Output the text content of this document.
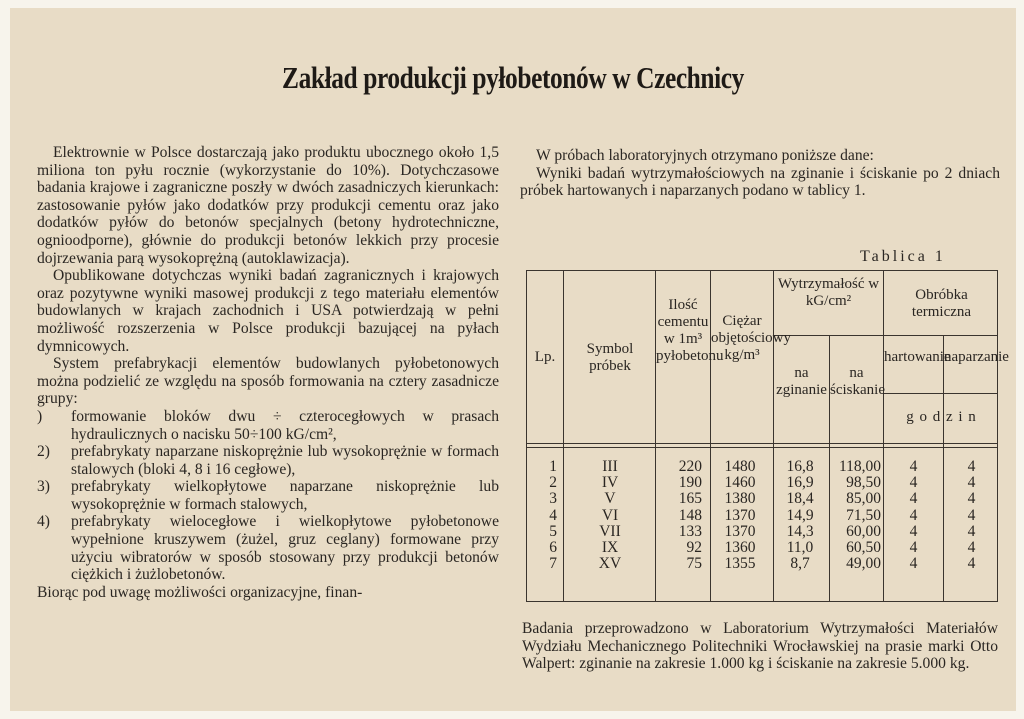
Zakład produkcji pyłobetonów w Czechnicy

Elektrownie w Polsce dostarczają jako produktu ubocznego około 1,5 miliona ton pyłu rocznie (wykorzystanie do 10%). Dotychczasowe badania krajowe i zagraniczne poszły w dwóch zasadniczych kierunkach: zastosowanie pyłów jako dodatków przy produkcji cementu oraz jako dodatków pyłów do betonów specjalnych (betony hydrotechniczne, ognioodporne), głównie do produkcji betonów lekkich przy procesie dojrzewania parą wysokoprężną (autoklawizacja).

Opublikowane dotychczas wyniki badań zagranicznych i krajowych oraz pozytywne wyniki masowej produkcji z tego materiału elementów budowlanych w krajach zachodnich i USA potwierdzają w pełni możliwość rozszerzenia w Polsce produkcji bazującej na pyłach dymnicowych.

System prefabrykacji elementów budowlanych pyłobetonowych można podzielić ze względu na sposób formowania na cztery zasadnicze grupy:

) formowanie bloków dwu ÷ czterocegłowych w prasach hydraulicznych o nacisku 50÷100 kG/cm²,
2) prefabrykaty naparzane niskoprężnie lub wysokoprężnie w formach stalowych (bloki 4, 8 i 16 cegłowe),
3) prefabrykaty wielkopłytowe naparzane niskoprężnie lub wysokoprężnie w formach stalowych,
4) prefabrykaty wielocegłowe i wielkopłytowe pyłobetonowe wypełnione kruszywem (żużel, gruz ceglany) formowane przy użyciu wibratorów w sposób stosowany przy produkcji betonów ciężkich i żużlobetonów.

Biorąc pod uwagę możliwości organizacyjne, finan-

W próbach laboratoryjnych otrzymano poniższe dane:

Wyniki badań wytrzymałościowych na zginanie i ściskanie po 2 dniach próbek hartowanych i naparzanych podano w tablicy 1.

Tablica 1
Lp.	Symbol próbek
Ilość cementu w 1m³ pyłobetonu
Ciężar objętościowy kg/m³
Wytrzymałość w kG/cm²
na zginanie
na ściskanie
Obróbka termiczna
hartowanie
naparzanie
g o d z i n
1
2
3
4
5
6
7
III
IV
V
VI
VII
IX
XV
220
190
165
148
133
92
75
1480
1460
1380
1370
1370
1360
1355
16,8
16,9
18,4
14,9
14,3
11,0
8,7
118,00
98,50
85,00
71,50
60,00
60,50
49,00
4
4
4
4
4
4
4
4
4
4
4
4
4
4
Badania przeprowadzono w Laboratorium Wytrzymałości Materiałów Wydziału Mechanicznego Politechniki Wrocławskiej na prasie marki Otto Walpert: zginanie na zakresie 1.000 kg i ściskanie na zakresie 5.000 kg.
